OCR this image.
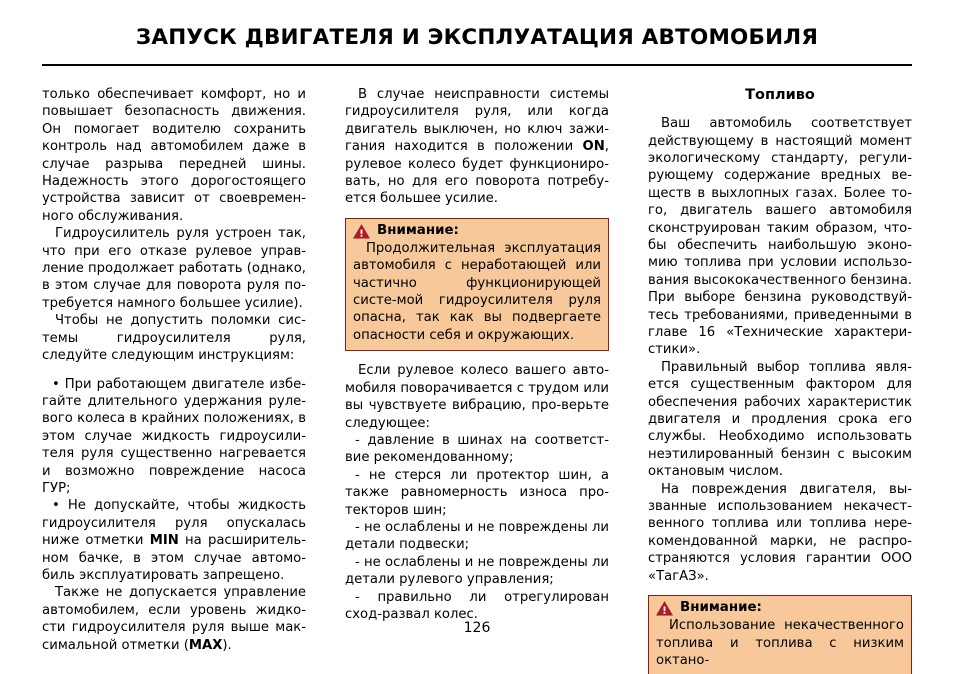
ЗАПУСК ДВИГАТЕЛЯ И ЭКСПЛУАТАЦИЯ АВТОМОБИЛЯ

только обеспечивает комфорт, но и повышает безопасность движения. Он помогает водителю сохранить контроль над автомобилем даже в случае разрыва передней шины. Надежность этого дорогостоящего устройства зависит от своевремен-ного обслуживания.

Гидроусилитель руля устроен так, что при его отказе рулевое управ-ление продолжает работать (однако, в этом случае для поворота руля по-требуется намного большее усилие).

Чтобы не допустить поломки сис-темы гидроусилителя руля, следуйте следующим инструкциям:

• При работающем двигателе избе-гайте длительного удержания руле-вого колеса в крайних положениях, в этом случае жидкость гидроусили-теля руля существенно нагревается и возможно повреждение насоса ГУР;

• Не допускайте, чтобы жидкость гидроусилителя руля опускалась ниже отметки MIN на расширитель-ном бачке, в этом случае автомо-биль эксплуатировать запрещено.

Также не допускается управление автомобилем, если уровень жидко-сти гидроусилителя руля выше мак-симальной отметки (MAX).

В случае неисправности системы гидроусилителя руля, или когда двигатель выключен, но ключ зажи-гания находится в положении ON, рулевое колесо будет функциониро-вать, но для его поворота потребу-ется большее усилие.

Внимание:

Продолжительная эксплуатация автомобиля с неработающей или частично функционирующей систе-мой гидроусилителя руля опасна, так как вы подвергаете опасности себя и окружающих.

Если рулевое колесо вашего авто-мобиля поворачивается с трудом или вы чувствуете вибрацию, про-верьте следующее:

- давление в шинах на соответст-вие рекомендованному;

- не стерся ли протектор шин, а также равномерность износа про-текторов шин;

- не ослаблены и не повреждены ли детали подвески;

- не ослаблены и не повреждены ли детали рулевого управления;

- правильно ли отрегулирован сход-развал колес.

Топливо

Ваш автомобиль соответствует действующему в настоящий момент экологическому стандарту, регули-рующему содержание вредных ве-ществ в выхлопных газах. Более то-го, двигатель вашего автомобиля сконструирован таким образом, что-бы обеспечить наибольшую эконо-мию топлива при условии использо-вания высококачественного бензина. При выборе бензина руководствуй-тесь требованиями, приведенными в главе 16 «Технические характери-стики».

Правильный выбор топлива явля-ется существенным фактором для обеспечения рабочих характеристик двигателя и продления срока его службы. Необходимо использовать неэтилированный бензин с высоким октановым числом.

На повреждения двигателя, вы-званные использованием некачест-венного топлива или топлива нере-комендованной марки, не распро-страняются условия гарантии ООО «ТагАЗ».

Внимание:

Использование некачественного топлива и топлива с низким октано-

126
